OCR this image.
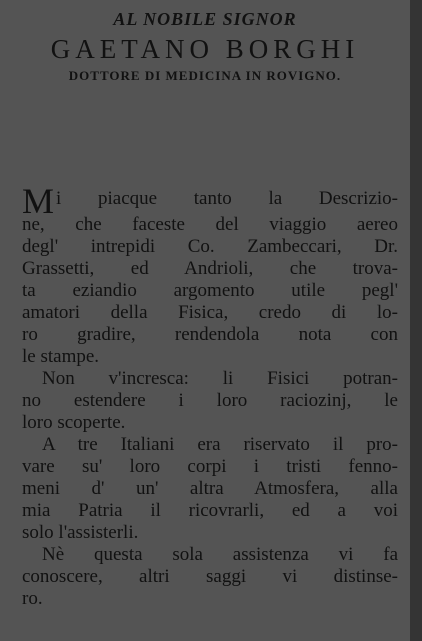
AL NOBILE SIGNOR

GAETANO BORGHI

DOTTORE DI MEDICINA IN ROVIGNO.

Mi piacque tanto la Descrizio-
ne, che faceste del viaggio aereo
degl' intrepidi Co. Zambeccari, Dr.
Grassetti, ed Andrioli, che trova-
ta eziandio argomento utile pegl'
amatori della Fisica, credo di lo-
ro gradire, rendendola nota con
le stampe.
Non v'incresca: li Fisici potran-
no estendere i loro raciozinj, le
loro scoperte.
A tre Italiani era riservato il pro-
vare su' loro corpi i tristi fenno-
meni d' un' altra Atmosfera, alla
mia Patria il ricovrarli, ed a voi
solo l'assisterli.
Nè questa sola assistenza vi fa
conoscere, altri saggi vi distinse-
ro.
